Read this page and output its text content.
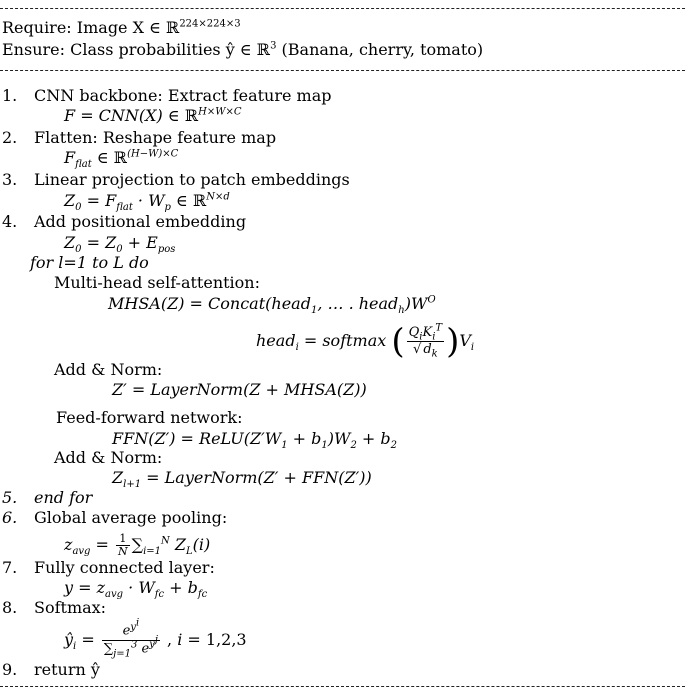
Require: Image X ∈ ℝ$^{224\times 224\times 3}$
Ensure: Class probabilities ŷ ∈ ℝ$^3$ (Banana, cherry, tomato)
1. CNN backbone: Extract feature map
F = CNN(X) ∈ ℝ$^{H\times W\times C}$
2. Flatten: Reshape feature map
$F_{flat}$ ∈ ℝ$^{(H-W)\times C}$
3. Linear projection to patch embeddings
$Z_0 = F_{flat} \cdot W_p$ ∈ ℝ$^{N\times d}$
4. Add positional embedding
$Z_0 = Z_0 + E_{pos}$
for l=1 to L do
Multi-head self-attention:
MHSA(Z) = Concat(head$_1$, … . $head_h)W^O$
head$_i$ = softmax ( $\frac{Q_iK_i^T}{√ d_k} )V_i$
Add & Norm:
Z′ = LayerNorm(Z + MHSA(Z))
Feed-forward network:
$FFN(Z') = ReLU(Z'W_1 + b_1)W_2 + b_2$
Add & Norm:
$Z_{l+1}$ = LayerNorm(Z′ + FFN(Z′))
5. end for
6. Global average pooling:
$z_{avg} = \frac{1}{N} \sum_{i=1}^N$ $Z_L(i)$
7. Fully connected layer:
$y = z_{avg} \cdot W_{fc} + b_{fc}$
8. Softmax:
$ŷ_i = \frac{e^{y^i}}{\sum_{j=1}^3 e^{y^j}}$ , i = 1,2,3
9. return ŷ
